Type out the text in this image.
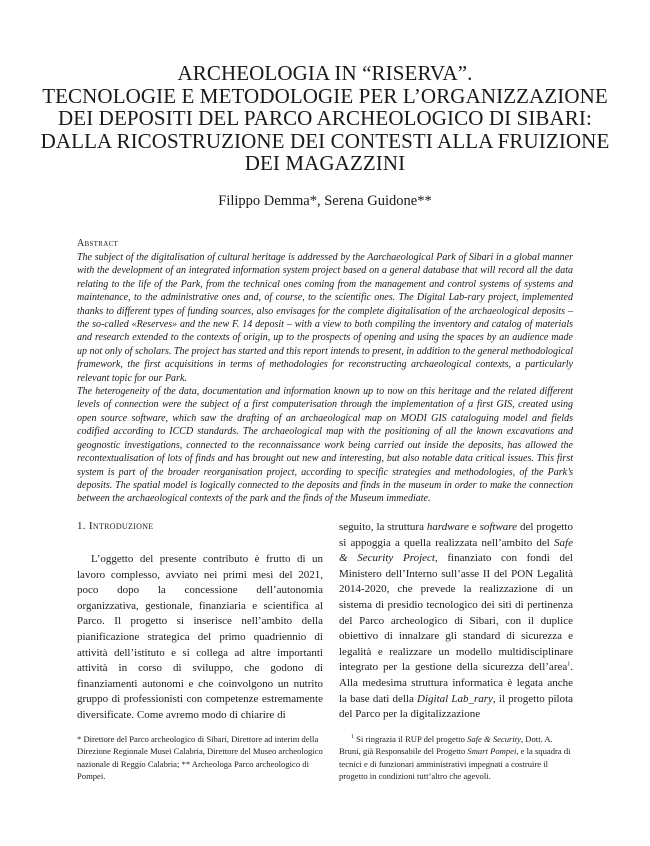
ARCHEOLOGIA IN “RISERVA”.
TECNOLOGIE E METODOLOGIE PER L’ORGANIZZAZIONE
DEI DEPOSITI DEL PARCO ARCHEOLOGICO DI SIBARI:
DALLA RICOSTRUZIONE DEI CONTESTI ALLA FRUIZIONE
DEI MAGAZZINI
Filippo Demma*, Serena Guidone**
Abstract

The subject of the digitalisation of cultural heritage is addressed by the Aarchaeological Park of Sibari in a global manner with the development of an integrated information system project based on a general database that will record all the data relating to the life of the Park, from the technical ones coming from the management and control systems of systems and maintenance, to the administrative ones and, of course, to the scientific ones. The Digital Lab-rary project, implemented thanks to different types of funding sources, also envisages for the complete digitalisation of the archaeological deposits – the so-called «Reserves» and the new F. 14 deposit – with a view to both compiling the inventory and catalog of materials and research extended to the contexts of origin, up to the prospects of opening and using the spaces by an audience made up not only of scholars. The project has started and this report intends to present, in addition to the general methodological framework, the first acquisitions in terms of methodologies for reconstructing archaeological contexts, a particularly relevant topic for our Park.

The heterogeneity of the data, documentation and information known up to now on this heritage and the related different levels of connection were the subject of a first computerisation through the implementation of a first GIS, created using open source software, which saw the drafting of an archaeological map on MODI GIS cataloguing model and fields codified according to ICCD standards. The archaeological map with the positioning of all the known excavations and geognostic investigations, connected to the reconnaissance work being carried out inside the deposits, has allowed the recontextualisation of lots of finds and has brought out new and interesting, but also notable data critical issues. This first system is part of the broader reorganisation project, according to specific strategies and methodologies, of the Park’s deposits. The spatial model is logically connected to the deposits and finds in the museum in order to make the connection between the archaeological contexts of the park and the finds of the Museum immediate.

1. Introduzione

L’oggetto del presente contributo è frutto di un lavoro complesso, avviato nei primi mesi del 2021, poco dopo la concessione dell’autonomia organizzativa, gestionale, finanziaria e scientifica al Parco. Il progetto si inserisce nell’ambito della pianificazione strategica del primo quadriennio di attività dell’istituto e si collega ad altre importanti attività in corso di sviluppo, che godono di finanziamenti autonomi e che coinvolgono un nutrito gruppo di professionisti con competenze estremamente diversificate. Come avremo modo di chiarire di

seguito, la struttura hardware e software del progetto si appoggia a quella realizzata nell’ambito del Safe & Security Project, finanziato con fondi del Ministero dell’Interno sull’asse II del PON Legalità 2014-2020, che prevede la realizzazione di un sistema di presidio tecnologico dei siti di pertinenza del Parco archeologico di Sibari, con il duplice obiettivo di innalzare gli standard di sicurezza e legalità e realizzare un modello multidisciplinare integrato per la gestione della sicurezza dell’area$^1$. Alla medesima struttura informatica è legata anche la base dati della Digital Lab_rary, il progetto pilota del Parco per la digitalizzazione

* Direttore del Parco archeologico di Sibari, Direttore ad interim della Direzione Regionale Musei Calabria, Direttore del Museo archeologico nazionale di Reggio Calabria; ** Archeologa Parco archeologico di Pompei.

$^1$ Si ringrazia il RUP del progetto Safe & Security, Dott. A. Bruni, già Responsabile del Progetto Smart Pompei, e la squadra di tecnici e di funzionari amministrativi impegnati a costruire il progetto in condizioni tutt’altro che agevoli.
